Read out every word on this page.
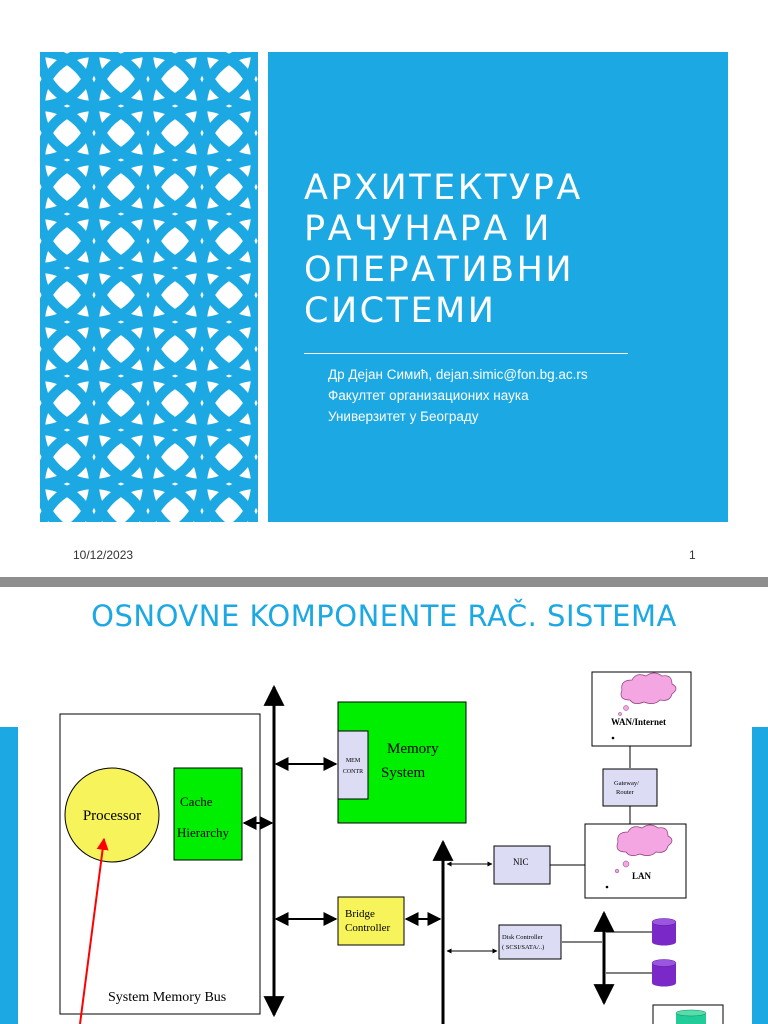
АРХИТЕКТУРА
РАЧУНАРА И
ОПЕРАТИВНИ
СИСТЕМИ
Др Дејан Симић, dejan.simic@fon.bg.ac.rs
Факултет организационих наука
Универзитет у Београду
10/12/2023	1
OSNOVNE KOMPONENTE RAČ. SISTEMA
Processor
Cache
Hierarchy
System Memory Bus
MEM
CONTR
Memory
System
Bridge
Controller
NIC
Disk Controller
( SCSI/SATA/..)
WAN/Internet
Gateway/
Router
LAN
